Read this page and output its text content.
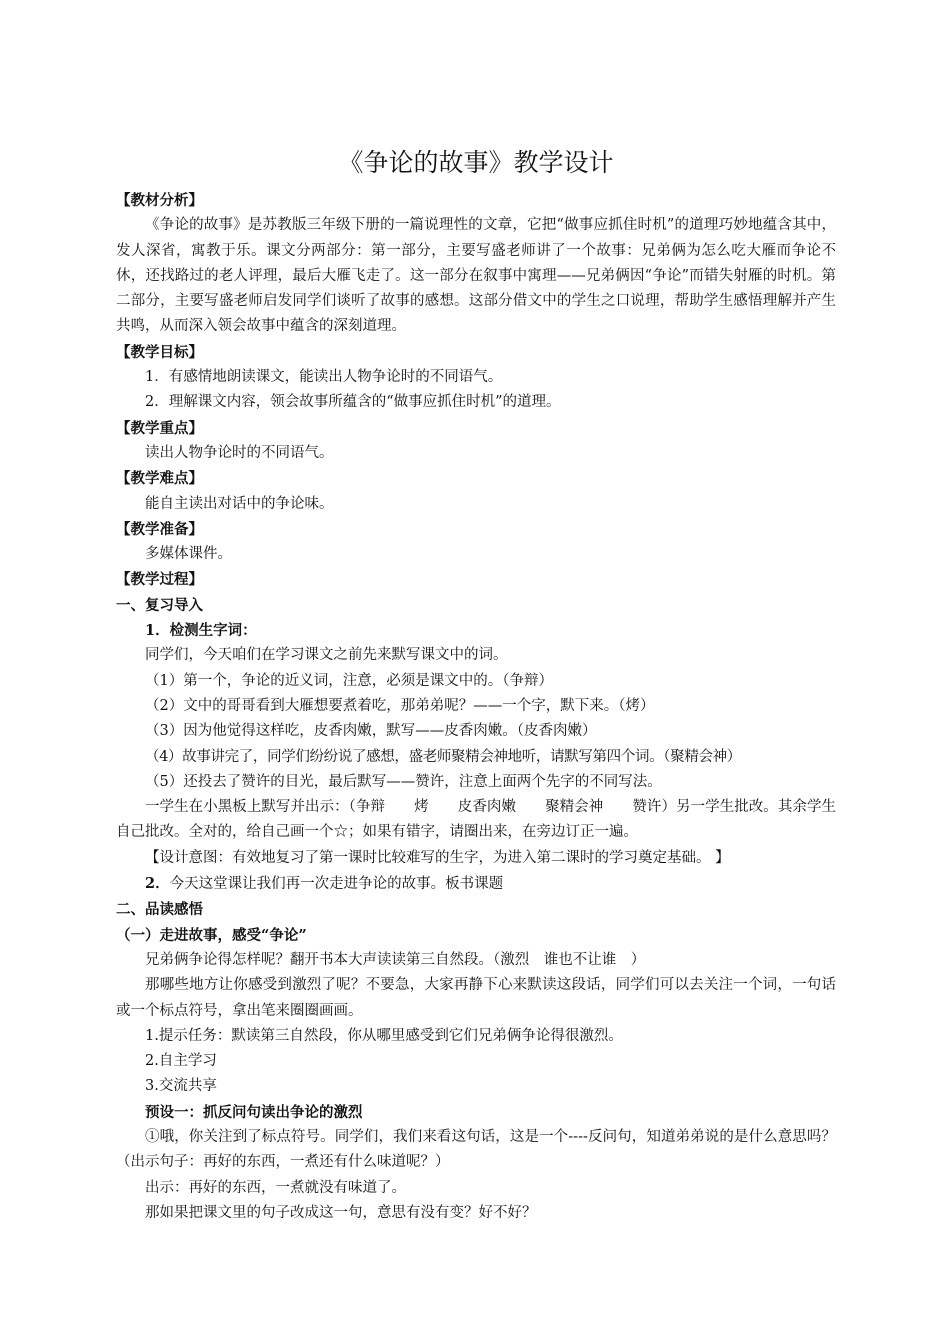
《争论的故事》教学设计
【教材分析】
《争论的故事》是苏教版三年级下册的一篇说理性的文章，它把“做事应抓住时机”的道理巧妙地蕴含其中，发人深省，寓教于乐。课文分两部分：第一部分，主要写盛老师讲了一个故事：兄弟俩为怎么吃大雁而争论不休，还找路过的老人评理，最后大雁飞走了。这一部分在叙事中寓理——兄弟俩因“争论”而错失射雁的时机。第二部分，主要写盛老师启发同学们谈听了故事的感想。这部分借文中的学生之口说理，帮助学生感悟理解并产生共鸣，从而深入领会故事中蕴含的深刻道理。
【教学目标】
1．有感情地朗读课文，能读出人物争论时的不同语气。
2．理解课文内容，领会故事所蕴含的“做事应抓住时机”的道理。
【教学重点】
读出人物争论时的不同语气。
【教学难点】
能自主读出对话中的争论味。
【教学准备】
多媒体课件。
【教学过程】
一、复习导入
1．检测生字词：
同学们，今天咱们在学习课文之前先来默写课文中的词。
（1）第一个，争论的近义词，注意，必须是课文中的。（争辩）
（2）文中的哥哥看到大雁想要煮着吃，那弟弟呢？——一个字，默下来。（烤）
（3）因为他觉得这样吃，皮香肉嫩，默写——皮香肉嫩。（皮香肉嫩）
（4）故事讲完了，同学们纷纷说了感想，盛老师聚精会神地听，请默写第四个词。（聚精会神）
（5）还投去了赞许的目光，最后默写——赞许，注意上面两个先字的不同写法。
一学生在小黑板上默写并出示：（争辩　　烤　　皮香肉嫩　　聚精会神　　赞许）另一学生批改。其余学生自己批改。全对的，给自己画一个☆；如果有错字，请圈出来，在旁边订正一遍。
【设计意图：有效地复习了第一课时比较难写的生字，为进入第二课时的学习奠定基础。 】
2．今天这堂课让我们再一次走进争论的故事。板书课题
二、品读感悟
（一）走进故事，感受“争论”
兄弟俩争论得怎样呢？翻开书本大声读读第三自然段。（激烈　谁也不让谁　）
那哪些地方让你感受到激烈了呢？不要急，大家再静下心来默读这段话，同学们可以去关注一个词，一句话或一个标点符号，拿出笔来圈圈画画。
1.提示任务：默读第三自然段，你从哪里感受到它们兄弟俩争论得很激烈。
2.自主学习
3.交流共享
预设一：抓反问句读出争论的激烈
①哦，你关注到了标点符号。同学们，我们来看这句话，这是一个----反问句，知道弟弟说的是什么意思吗？（出示句子：再好的东西，一煮还有什么味道呢？）
出示：再好的东西，一煮就没有味道了。
那如果把课文里的句子改成这一句，意思有没有变？好不好？
